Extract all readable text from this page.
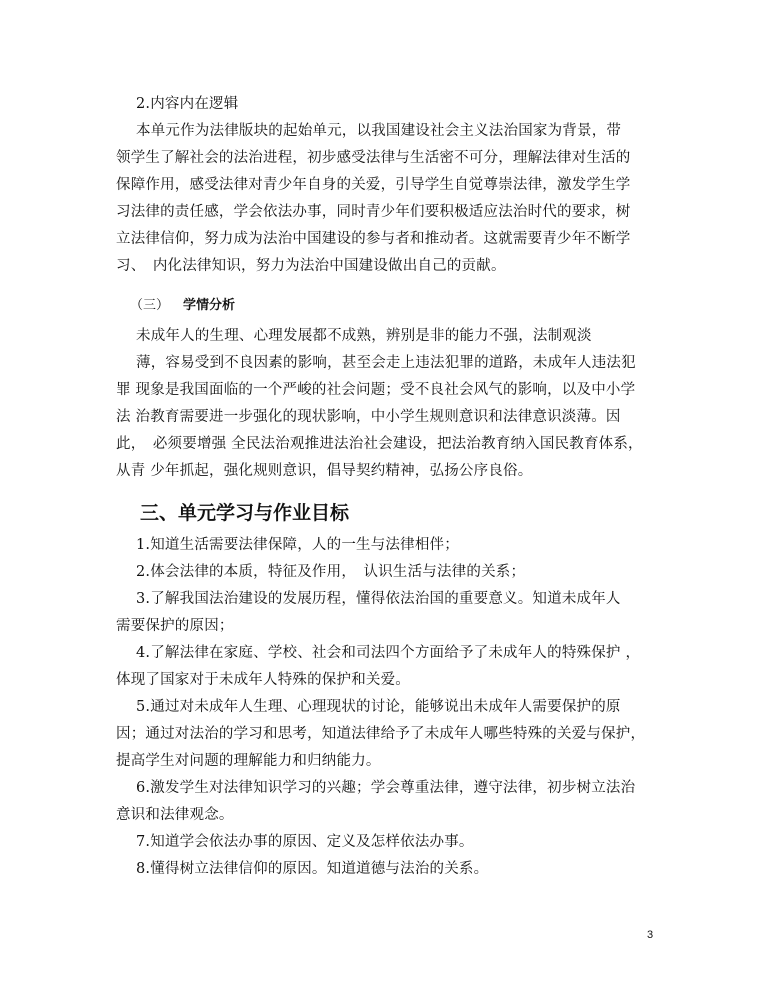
2.内容内在逻辑
本单元作为法律版块的起始单元，以我国建设社会主义法治国家为背景，带
领学生了解社会的法治进程，初步感受法律与生活密不可分，理解法律对生活的
保障作用，感受法律对青少年自身的关爱，引导学生自觉尊崇法律，激发学生学
习法律的责任感，学会依法办事，同时青少年们要积极适应法治时代的要求，树
立法律信仰，努力成为法治中国建设的参与者和推动者。这就需要青少年不断学
习、　内化法律知识，努力为法治中国建设做出自己的贡献。
（三） 学情分析
未成年人的生理、心理发展都不成熟，辨别是非的能力不强，法制观淡
薄，容易受到不良因素的影响，甚至会走上违法犯罪的道路，未成年人违法犯
罪 现象是我国面临的一个严峻的社会问题；受不良社会风气的影响，以及中小学
法 治教育需要进一步强化的现状影响，中小学生规则意识和法律意识淡薄。因
此，　必须要增强 全民法治观推进法治社会建设，把法治教育纳入国民教育体系，
从青 少年抓起，强化规则意识，倡导契约精神，弘扬公序良俗。
三、单元学习与作业目标
1.知道生活需要法律保障，人的一生与法律相伴；
2.体会法律的本质，特征及作用，　认识生活与法律的关系；
3.了解我国法治建设的发展历程，懂得依法治国的重要意义。知道未成年人
需要保护的原因；
4.了解法律在家庭、学校、社会和司法四个方面给予了未成年人的特殊保护 ，
体现了国家对于未成年人特殊的保护和关爱。
5.通过对未成年人生理、心理现状的讨论，能够说出未成年人需要保护的原
因；通过对法治的学习和思考，知道法律给予了未成年人哪些特殊的关爱与保护，
提高学生对问题的理解能力和归纳能力。
6.激发学生对法律知识学习的兴趣；学会尊重法律，遵守法律，初步树立法治
意识和法律观念。
7.知道学会依法办事的原因、定义及怎样依法办事。
8.懂得树立法律信仰的原因。知道道德与法治的关系。
3
